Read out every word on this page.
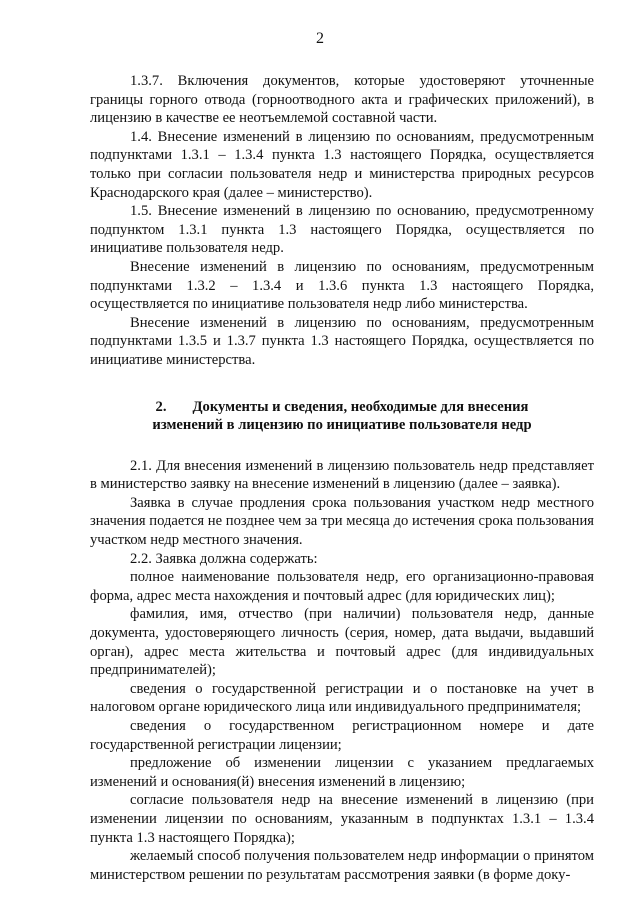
2

1.3.7. Включения документов, которые удостоверяют уточненные границы горного отвода (горноотводного акта и графических приложений), в лицензию в качестве ее неотъемлемой составной части.

1.4. Внесение изменений в лицензию по основаниям, предусмотренным подпунктами 1.3.1 – 1.3.4 пункта 1.3 настоящего Порядка, осуществляется только при согласии пользователя недр и министерства природных ресурсов Краснодарского края (далее – министерство).

1.5. Внесение изменений в лицензию по основанию, предусмотренному подпунктом 1.3.1 пункта 1.3 настоящего Порядка, осуществляется по инициативе пользователя недр.

Внесение изменений в лицензию по основаниям, предусмотренным подпунктами 1.3.2 – 1.3.4 и 1.3.6 пункта 1.3 настоящего Порядка, осуществляется по инициативе пользователя недр либо министерства.

Внесение изменений в лицензию по основаниям, предусмотренным подпунктами 1.3.5 и 1.3.7 пункта 1.3 настоящего Порядка, осуществляется по инициативе министерства.

2. Документы и сведения, необходимые для внесения
изменений в лицензию по инициативе пользователя недр

2.1. Для внесения изменений в лицензию пользователь недр представляет в министерство заявку на внесение изменений в лицензию (далее – заявка).

Заявка в случае продления срока пользования участком недр местного значения подается не позднее чем за три месяца до истечения срока пользования участком недр местного значения.

2.2. Заявка должна содержать:

полное наименование пользователя недр, его организационно-правовая форма, адрес места нахождения и почтовый адрес (для юридических лиц);

фамилия, имя, отчество (при наличии) пользователя недр, данные документа, удостоверяющего личность (серия, номер, дата выдачи, выдавший орган), адрес места жительства и почтовый адрес (для индивидуальных предпринимателей);

сведения о государственной регистрации и о постановке на учет в налоговом органе юридического лица или индивидуального предпринимателя;

сведения о государственном регистрационном номере и дате государственной регистрации лицензии;

предложение об изменении лицензии с указанием предлагаемых изменений и основания(й) внесения изменений в лицензию;

согласие пользователя недр на внесение изменений в лицензию (при изменении лицензии по основаниям, указанным в подпунктах 1.3.1 – 1.3.4 пункта 1.3 настоящего Порядка);

желаемый способ получения пользователем недр информации о принятом министерством решении по результатам рассмотрения заявки (в форме доку-
